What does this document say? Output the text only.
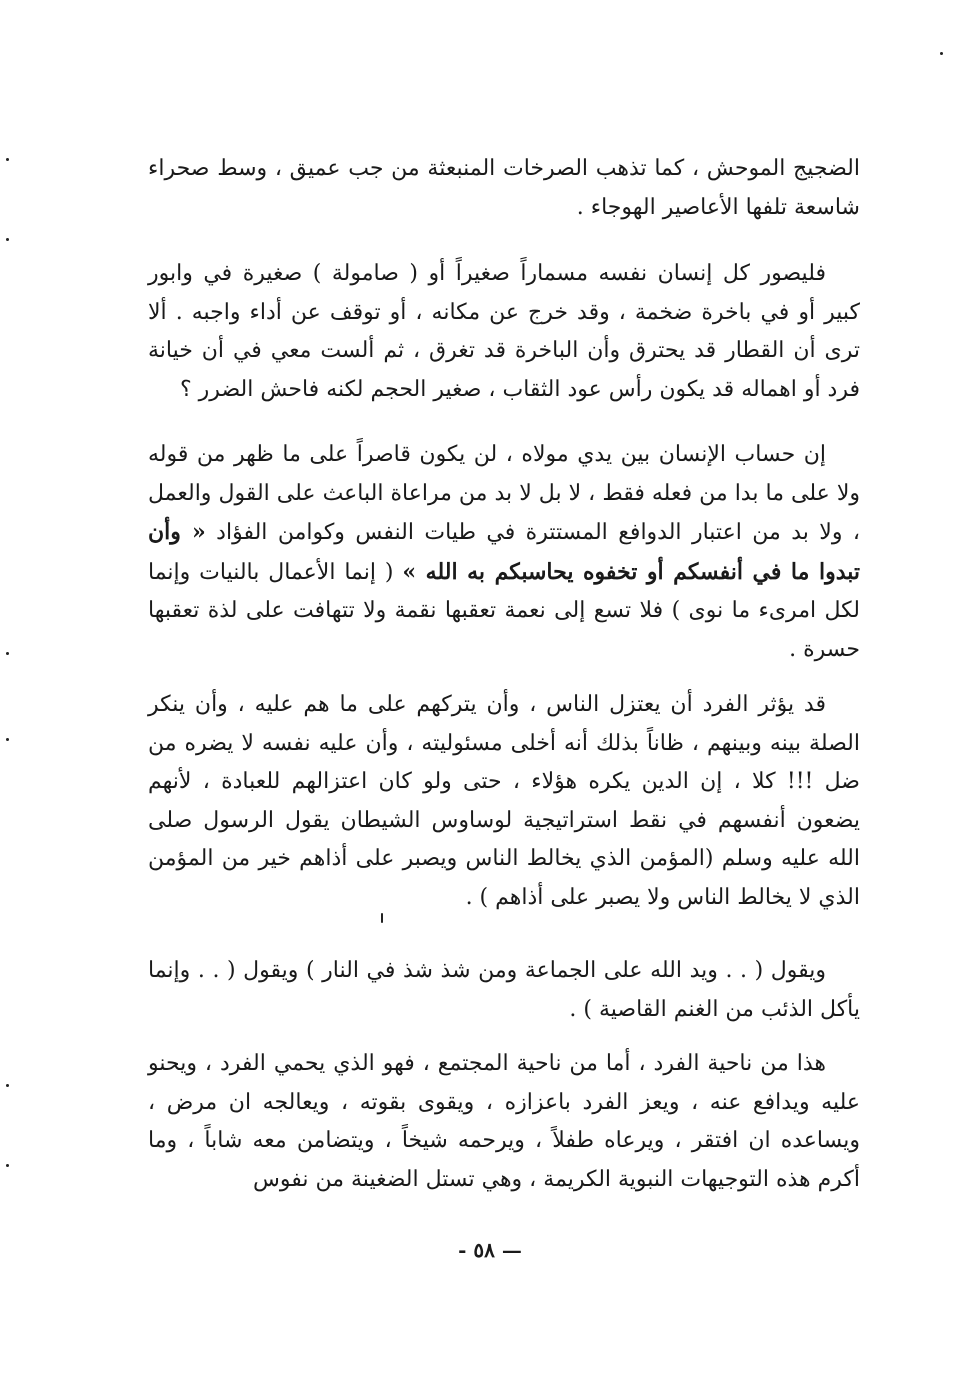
الضجيج الموحش ، كما تذهب الصرخات المنبعثة من جب عميق ، وسط صحراء شاسعة تلفها الأعاصير الهوجاء .

فليصور كل إنسان نفسه مسماراً صغيراً أو ( صامولة ) صغيرة في وابور كبير أو في باخرة ضخمة ، وقد خرج عن مكانه ، أو توقف عن أداء واجبه . ألا ترى أن القطار قد يحترق وأن الباخرة قد تغرق ، ثم ألست معي في أن خيانة فرد أو اهماله قد يكون رأس عود الثقاب ، صغير الحجم لكنه فاحش الضرر ؟

إن حساب الإنسان بين يدي مولاه ، لن يكون قاصراً على ما ظهر من قوله ولا على ما بدا من فعله فقط ، لا بل لا بد من مراعاة الباعث على القول والعمل ، ولا بد من اعتبار الدوافع المستترة في طيات النفس وكوامن الفؤاد « وأن تبدوا ما في أنفسكم أو تخفوه يحاسبكم به الله » ( إنما الأعمال بالنيات وإنما لكل امرىء ما نوى ) فلا تسع إلى نعمة تعقبها نقمة ولا تتهافت على لذة تعقبها حسرة .

قد يؤثر الفرد أن يعتزل الناس ، وأن يتركهم على ما هم عليه ، وأن ينكر الصلة بينه وبينهم ، ظاناً بذلك أنه أخلى مسئوليته ، وأن عليه نفسه لا يضره من ضل !!! كلا ، إن الدين يكره هؤلاء ، حتى ولو كان اعتزالهم للعبادة ، لأنهم يضعون أنفسهم في نقط استراتيجية لوساوس الشيطان يقول الرسول صلى الله عليه وسلم (المؤمن الذي يخالط الناس ويصبر على أذاهم خير من المؤمن الذي لا يخالط الناس ولا يصبر على أذاهم ) .

ويقول ( . . ويد الله على الجماعة ومن شذ شذ في النار ) ويقول ( . . وإنما يأكل الذئب من الغنم القاصية ) .

هذا من ناحية الفرد ، أما من ناحية المجتمع ، فهو الذي يحمي الفرد ، ويحنو عليه ويدافع عنه ، ويعز الفرد باعزازه ، ويقوى بقوته ، ويعالجه ان مرض ، ويساعده ان افتقر ، ويرعاه طفلاً ، ويرحمه شيخاً ، ويتضامن معه شاباً ، وما أكرم هذه التوجيهات النبوية الكريمة ، وهي تستل الضغينة من نفوس

— ٥٨ -
